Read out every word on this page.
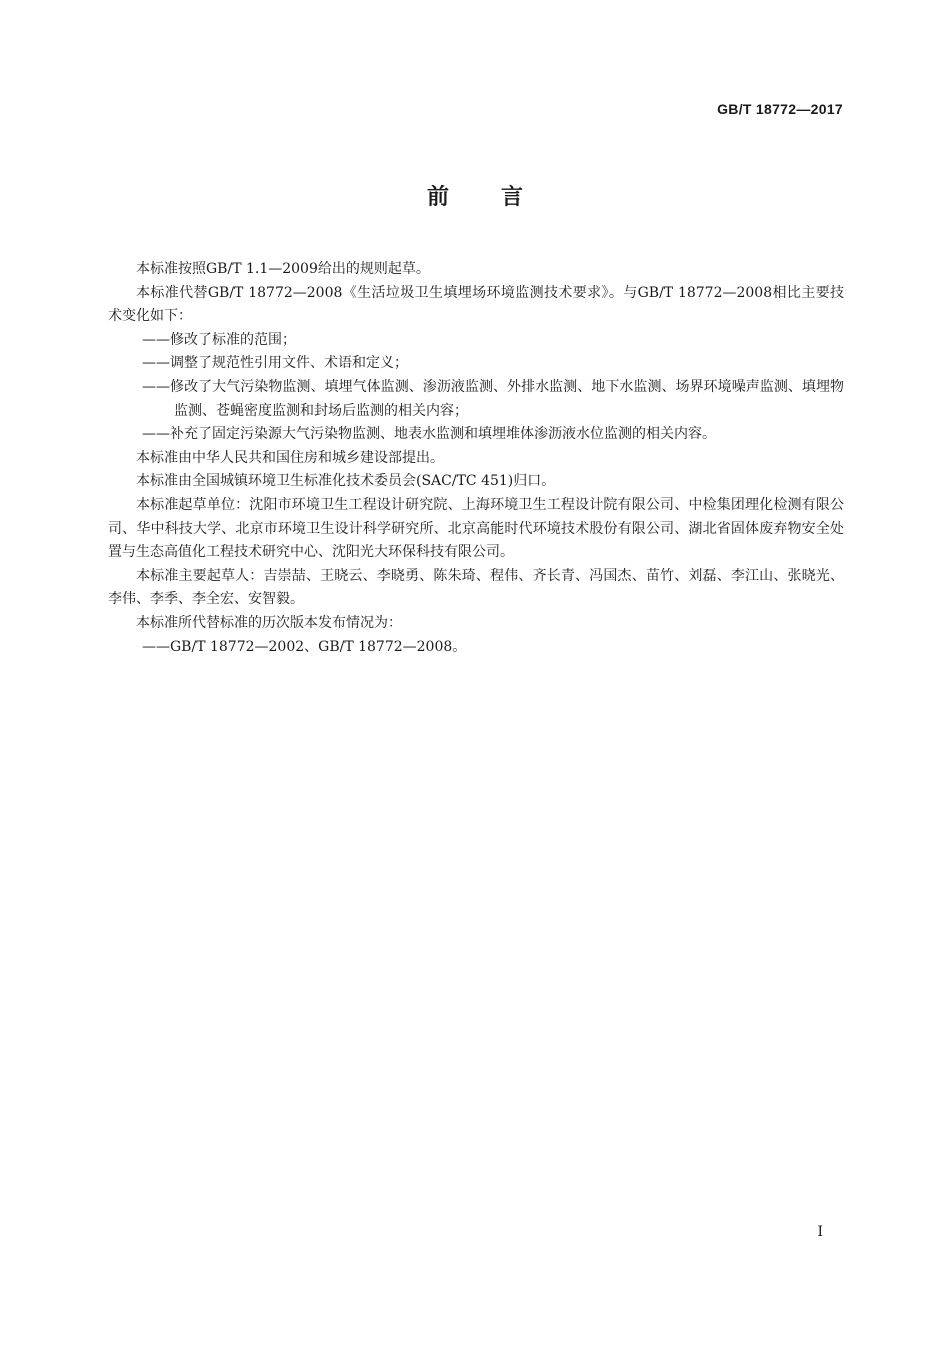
GB/T 18772—2017
前言

本标准按照GB/T 1.1—2009给出的规则起草。

本标准代替GB/T 18772—2008《生活垃圾卫生填埋场环境监测技术要求》。与GB/T 18772—2008相比主要技术变化如下：

——修改了标准的范围；

——调整了规范性引用文件、术语和定义；

——修改了大气污染物监测、填埋气体监测、渗沥液监测、外排水监测、地下水监测、场界环境噪声监测、填埋物监测、苍蝇密度监测和封场后监测的相关内容；

——补充了固定污染源大气污染物监测、地表水监测和填埋堆体渗沥液水位监测的相关内容。

本标准由中华人民共和国住房和城乡建设部提出。

本标准由全国城镇环境卫生标准化技术委员会(SAC/TC 451)归口。

本标准起草单位：沈阳市环境卫生工程设计研究院、上海环境卫生工程设计院有限公司、中检集团理化检测有限公司、华中科技大学、北京市环境卫生设计科学研究所、北京高能时代环境技术股份有限公司、湖北省固体废弃物安全处置与生态高值化工程技术研究中心、沈阳光大环保科技有限公司。

本标准主要起草人：吉崇喆、王晓云、李晓勇、陈朱琦、程伟、齐长青、冯国杰、苗竹、刘磊、李江山、张晓光、李伟、李季、李全宏、安智毅。

本标准所代替标准的历次版本发布情况为：

——GB/T 18772—2002、GB/T 18772—2008。

I
